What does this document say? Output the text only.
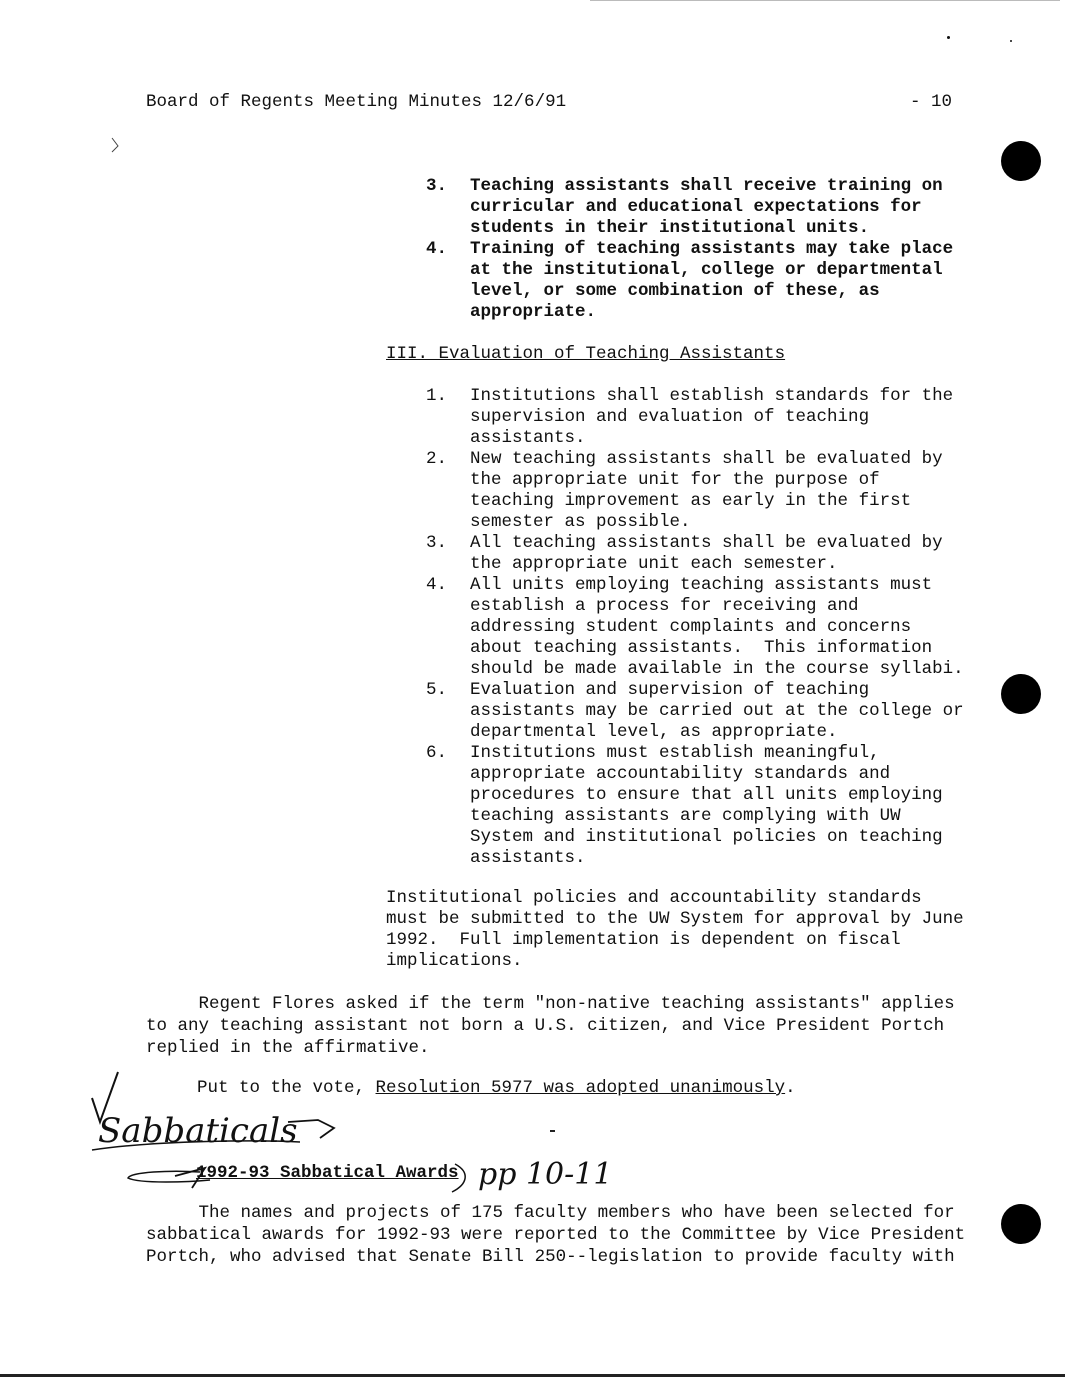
Board of Regents Meeting Minutes 12/6/91	- 10
3. Teaching assistants shall receive training on
curricular and educational expectations for
students in their institutional units.
4. Training of teaching assistants may take place
at the institutional, college or departmental
level, or some combination of these, as
appropriate.
III. Evaluation of Teaching Assistants
1. Institutions shall establish standards for the
supervision and evaluation of teaching
assistants.
2. New teaching assistants shall be evaluated by
the appropriate unit for the purpose of
teaching improvement as early in the first
semester as possible.
3. All teaching assistants shall be evaluated by
the appropriate unit each semester.
4. All units employing teaching assistants must
establish a process for receiving and
addressing student complaints and concerns
about teaching assistants.  This information
should be made available in the course syllabi.
5. Evaluation and supervision of teaching
assistants may be carried out at the college or
departmental level, as appropriate.
6. Institutions must establish meaningful,
appropriate accountability standards and
procedures to ensure that all units employing
teaching assistants are complying with UW
System and institutional policies on teaching
assistants.
Institutional policies and accountability standards
must be submitted to the UW System for approval by June
1992.  Full implementation is dependent on fiscal
implications.
Regent Flores asked if the term "non-native teaching assistants" applies
to any teaching assistant not born a U.S. citizen, and Vice President Portch
replied in the affirmative.
Put to the vote, Resolution 5977 was adopted unanimously.
1992-93 Sabbatical Awards
The names and projects of 175 faculty members who have been selected for
sabbatical awards for 1992-93 were reported to the Committee by Vice President
Portch, who advised that Senate Bill 250--legislation to provide faculty with
Sabbaticals
pp 10-11
